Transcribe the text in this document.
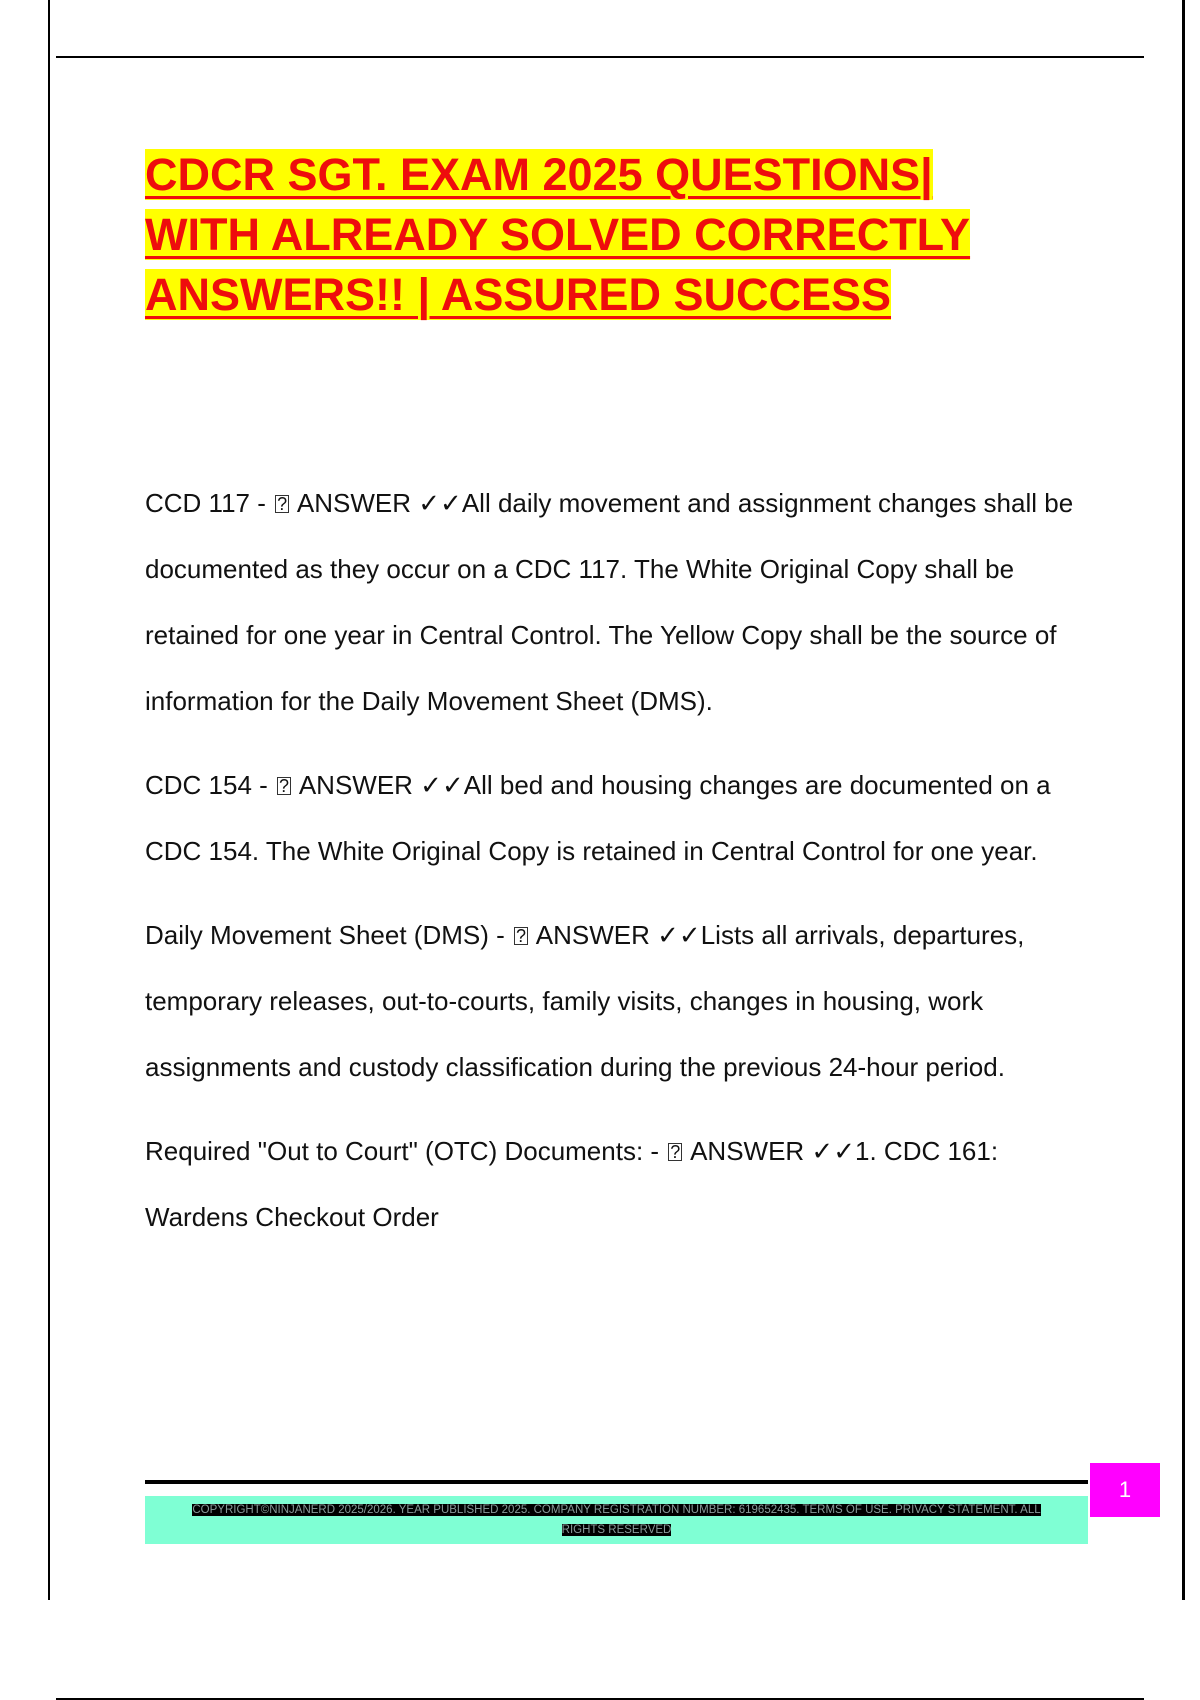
CDCR SGT. EXAM 2025 QUESTIONS|
WITH ALREADY SOLVED CORRECTLY
ANSWERS!! | ASSURED SUCCESS

CCD 117 - ? ANSWER ✓✓All daily movement and assignment changes shall be documented as they occur on a CDC 117. The White Original Copy shall be retained for one year in Central Control. The Yellow Copy shall be the source of information for the Daily Movement Sheet (DMS).

CDC 154 - ? ANSWER ✓✓All bed and housing changes are documented on a CDC 154. The White Original Copy is retained in Central Control for one year.

Daily Movement Sheet (DMS) - ? ANSWER ✓✓Lists all arrivals, departures, temporary releases, out-to-courts, family visits, changes in housing, work assignments and custody classification during the previous 24-hour period.

Required "Out to Court" (OTC) Documents: - ? ANSWER ✓✓1. CDC 161: Wardens Checkout Order

COPYRIGHT©NINJANERD 2025/2026. YEAR PUBLISHED 2025. COMPANY REGISTRATION NUMBER: 619652435. TERMS OF USE. PRIVACY STATEMENT. ALL RIGHTS RESERVED
1
